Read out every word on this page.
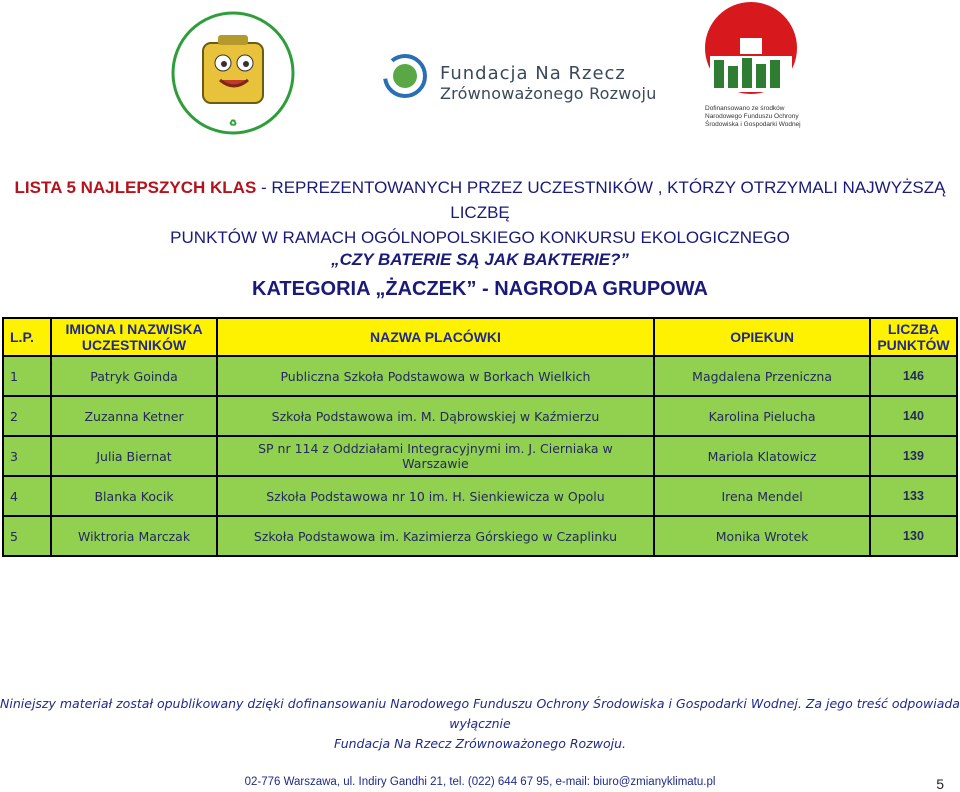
♻
Fundacja Na Rzecz
Zrównoważonego Rozwoju
Dofinansowano ze środków Narodowego Funduszu Ochrony Środowiska i Gospodarki Wodnej
LISTA 5 NAJLEPSZYCH KLAS - REPREZENTOWANYCH PRZEZ UCZESTNIKÓW , KTÓRZY OTRZYMALI NAJWYŻSZĄ LICZBĘ
PUNKTÓW W RAMACH OGÓLNOPOLSKIEGO KONKURSU EKOLOGICZNEGO
„CZY BATERIE SĄ JAK BAKTERIE?”
KATEGORIA „ŻACZEK” - NAGRODA GRUPOWA
L.P.	IMIONA I NAZWISKA UCZESTNIKÓW	NAZWA PLACÓWKI	OPIEKUN	LICZBA PUNKTÓW
1	Patryk Goinda	Publiczna Szkoła Podstawowa w Borkach Wielkich	Magdalena Przeniczna	146
2	Zuzanna Ketner	Szkoła Podstawowa im. M. Dąbrowskiej w Kaźmierzu	Karolina Pielucha	140
3	Julia Biernat	SP nr 114 z Oddziałami Integracyjnymi im. J. Cierniaka w Warszawie	Mariola Klatowicz	139
4	Blanka Kocik	Szkoła Podstawowa nr 10 im. H. Sienkiewicza w Opolu	Irena Mendel	133
5	Wiktroria Marczak	Szkoła Podstawowa im. Kazimierza Górskiego w Czaplinku	Monika Wrotek	130
Niniejszy materiał został opublikowany dzięki dofinansowaniu Narodowego Funduszu Ochrony Środowiska i Gospodarki Wodnej. Za jego treść odpowiada wyłącznie
Fundacja Na Rzecz Zrównoważonego Rozwoju.
02-776 Warszawa, ul. Indiry Gandhi 21, tel. (022) 644 67 95, e-mail: biuro@zmianyklimatu.pl	5
